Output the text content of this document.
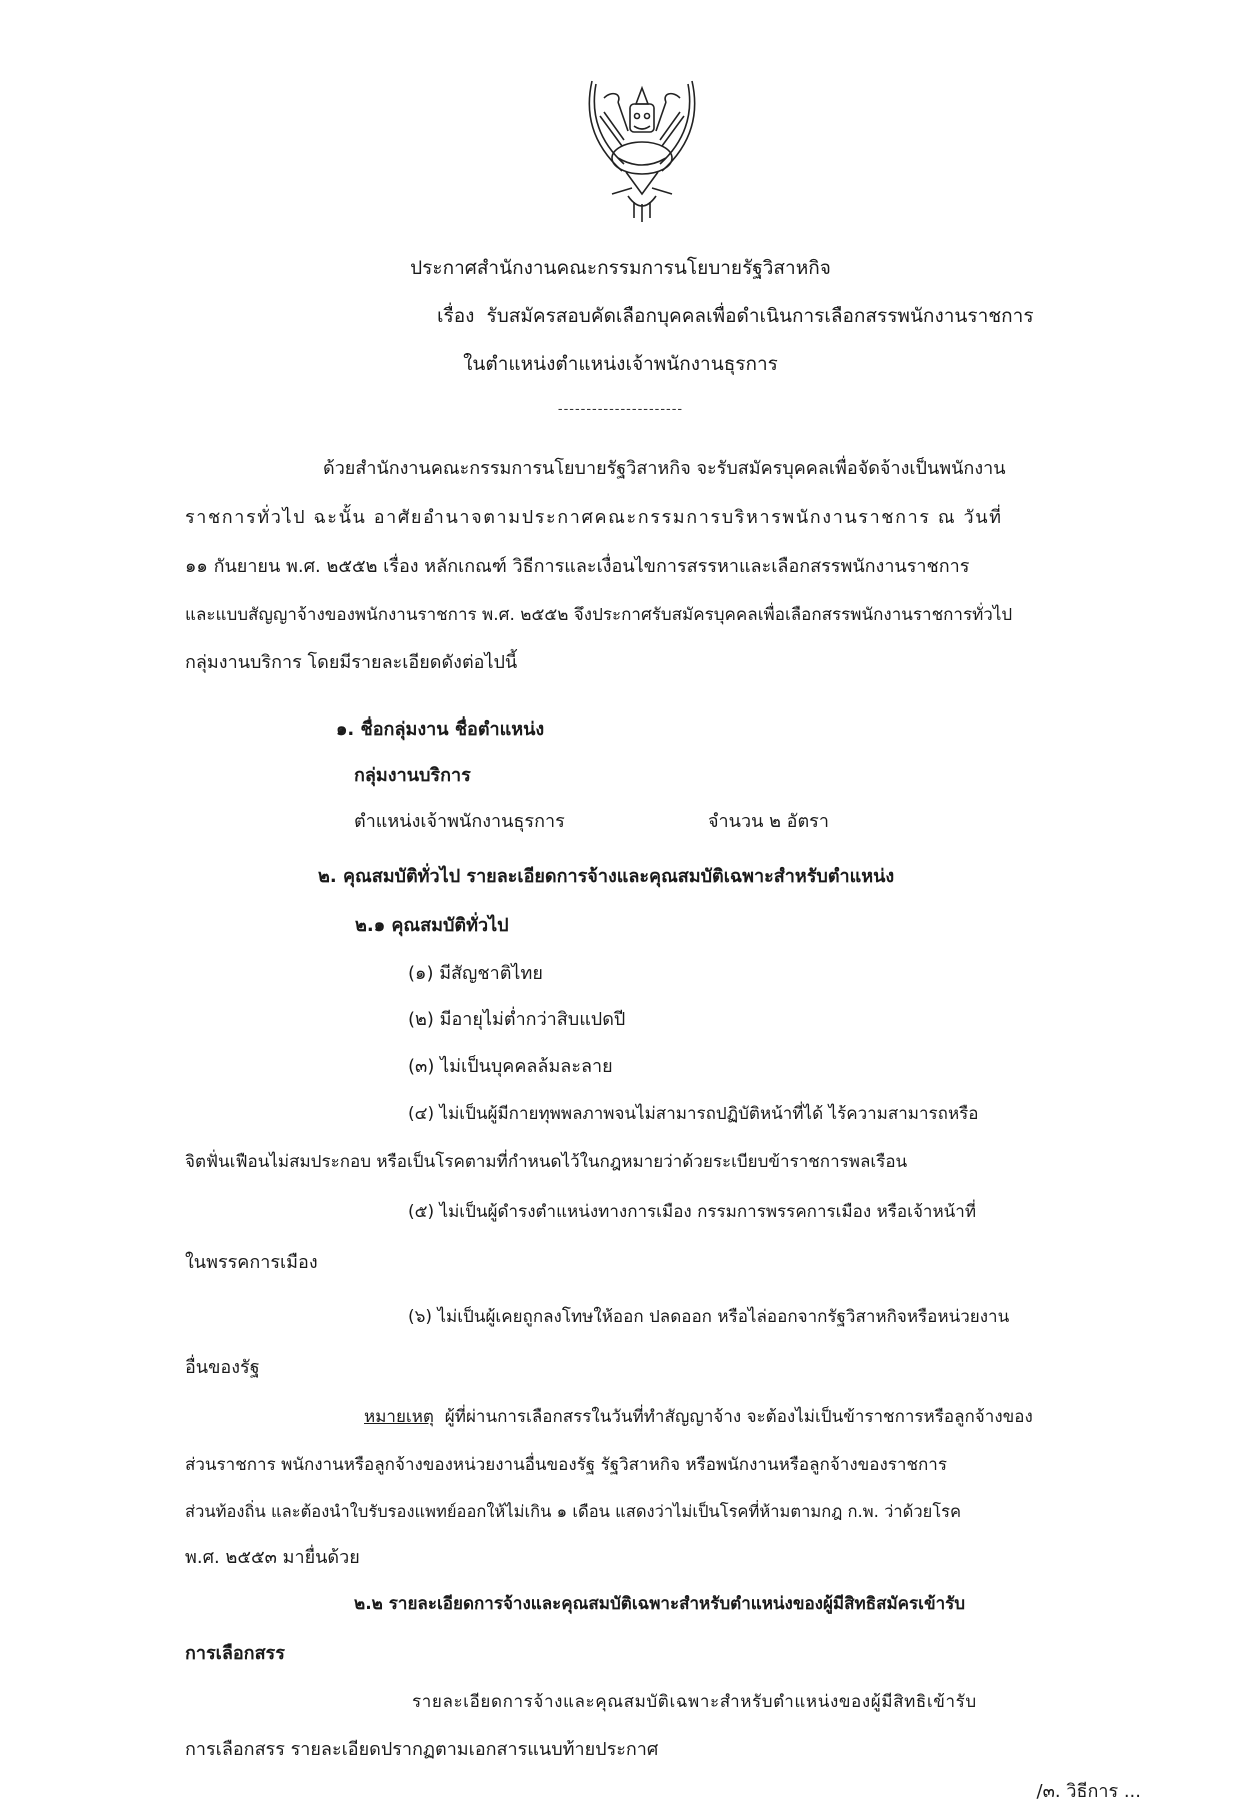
ประกาศสำนักงานคณะกรรมการนโยบายรัฐวิสาหกิจ
เรื่อง รับสมัครสอบคัดเลือกบุคคลเพื่อดำเนินการเลือกสรรพนักงานราชการ
ในตำแหน่งตำแหน่งเจ้าพนักงานธุรการ
----------------------
ด้วยสำนักงานคณะกรรมการนโยบายรัฐวิสาหกิจ จะรับสมัครบุคคลเพื่อจัดจ้างเป็นพนักงาน
ราชการทั่วไป ฉะนั้น อาศัยอำนาจตามประกาศคณะกรรมการบริหารพนักงานราชการ ณ วันที่
๑๑ กันยายน พ.ศ. ๒๕๕๒ เรื่อง หลักเกณฑ์ วิธีการและเงื่อนไขการสรรหาและเลือกสรรพนักงานราชการ
และแบบสัญญาจ้างของพนักงานราชการ พ.ศ. ๒๕๕๒ จึงประกาศรับสมัครบุคคลเพื่อเลือกสรรพนักงานราชการทั่วไป
กลุ่มงานบริการ โดยมีรายละเอียดดังต่อไปนี้
๑. ชื่อกลุ่มงาน ชื่อตำแหน่ง
กลุ่มงานบริการ
ตำแหน่งเจ้าพนักงานธุรการ	จำนวน ๒ อัตรา
๒. คุณสมบัติทั่วไป รายละเอียดการจ้างและคุณสมบัติเฉพาะสำหรับตำแหน่ง
๒.๑ คุณสมบัติทั่วไป
(๑) มีสัญชาติไทย
(๒) มีอายุไม่ต่ำกว่าสิบแปดปี
(๓) ไม่เป็นบุคคลล้มละลาย
(๔) ไม่เป็นผู้มีกายทุพพลภาพจนไม่สามารถปฏิบัติหน้าที่ได้ ไร้ความสามารถหรือ
จิตฟั่นเฟือนไม่สมประกอบ หรือเป็นโรคตามที่กำหนดไว้ในกฎหมายว่าด้วยระเบียบข้าราชการพลเรือน
(๕) ไม่เป็นผู้ดำรงตำแหน่งทางการเมือง กรรมการพรรคการเมือง หรือเจ้าหน้าที่
ในพรรคการเมือง
(๖) ไม่เป็นผู้เคยถูกลงโทษให้ออก ปลดออก หรือไล่ออกจากรัฐวิสาหกิจหรือหน่วยงาน
อื่นของรัฐ
หมายเหตุ ผู้ที่ผ่านการเลือกสรรในวันที่ทำสัญญาจ้าง จะต้องไม่เป็นข้าราชการหรือลูกจ้างของ
ส่วนราชการ พนักงานหรือลูกจ้างของหน่วยงานอื่นของรัฐ รัฐวิสาหกิจ หรือพนักงานหรือลูกจ้างของราชการ
ส่วนท้องถิ่น และต้องนำใบรับรองแพทย์ออกให้ไม่เกิน ๑ เดือน แสดงว่าไม่เป็นโรคที่ห้ามตามกฎ ก.พ. ว่าด้วยโรค
พ.ศ. ๒๕๕๓ มายื่นด้วย
๒.๒ รายละเอียดการจ้างและคุณสมบัติเฉพาะสำหรับตำแหน่งของผู้มีสิทธิสมัครเข้ารับ
การเลือกสรร
รายละเอียดการจ้างและคุณสมบัติเฉพาะสำหรับตำแหน่งของผู้มีสิทธิเข้ารับ
การเลือกสรร รายละเอียดปรากฏตามเอกสารแนบท้ายประกาศ
/๓. วิธีการ ...
